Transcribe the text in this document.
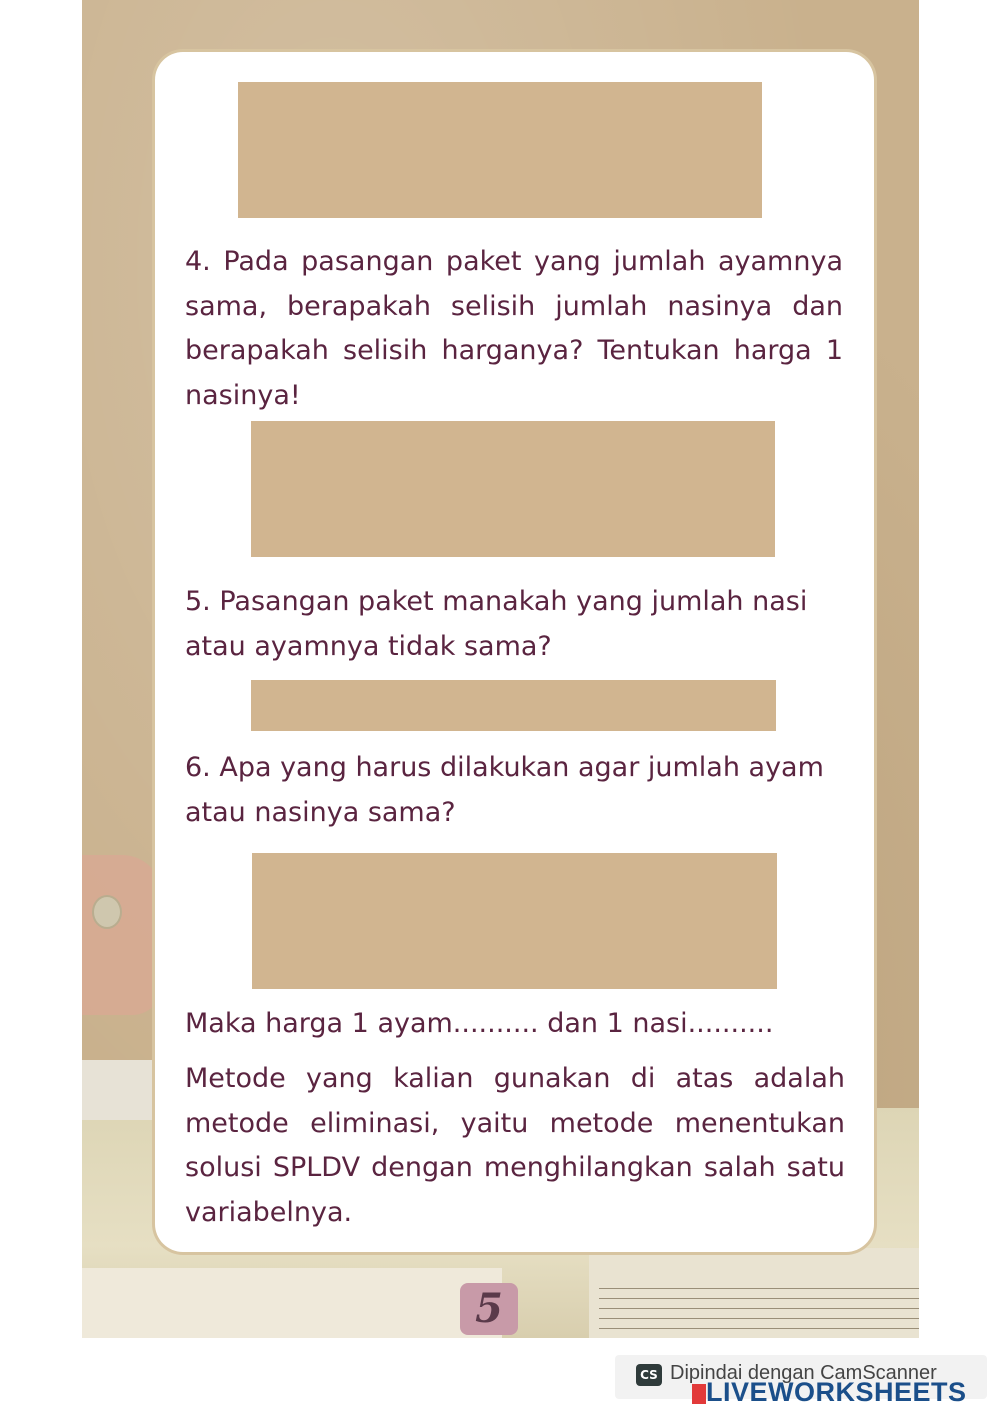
5
4. Pada pasangan paket yang jumlah ayamnya sama, berapakah selisih jumlah nasinya dan berapakah selisih harganya? Tentukan harga 1 nasinya!
5. Pasangan paket manakah yang jumlah nasi atau ayamnya tidak sama?
6. Apa yang harus dilakukan agar jumlah ayam atau nasinya sama?
Maka harga 1 ayam.......... dan 1 nasi..........
Metode yang kalian gunakan di atas adalah metode eliminasi, yaitu metode menentukan solusi SPLDV dengan menghilangkan salah satu variabelnya.
CS Dipindai dengan CamScanner
LIVEWORKSHEETS
